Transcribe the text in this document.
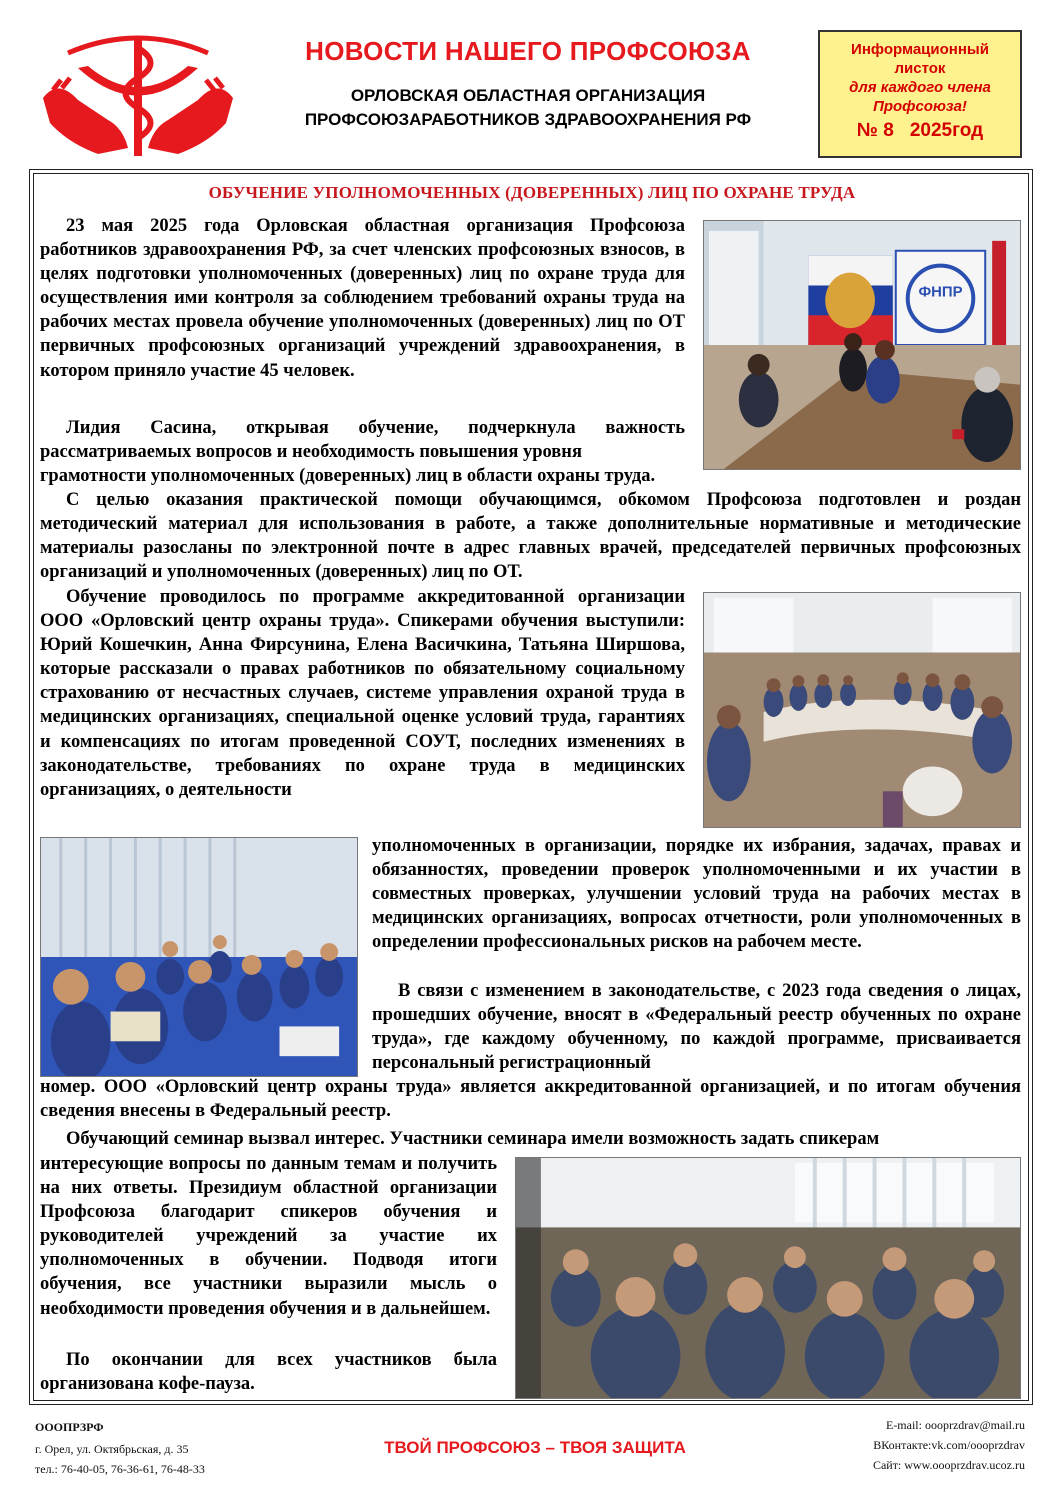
НОВОСТИ НАШЕГО ПРОФСОЮЗА
ОРЛОВСКАЯ ОБЛАСТНАЯ ОРГАНИЗАЦИЯ
ПРОФСОЮЗАРАБОТНИКОВ ЗДРАВООХРАНЕНИЯ РФ
Информационный
листок
для каждого члена
Профсоюза!
№ 8 2025год
ОБУЧЕНИЕ УПОЛНОМОЧЕННЫХ (ДОВЕРЕННЫХ) ЛИЦ ПО ОХРАНЕ ТРУДА
ФНПР
23 мая 2025 года Орловская областная организация Профсоюза работников здравоохранения РФ, за счет членских профсоюзных взносов, в целях подготовки уполномоченных (доверенных) лиц по охране труда для осуществления ими контроля за соблюдением требований охраны труда на рабочих местах провела обучение уполномоченных (доверенных) лиц по ОТ первичных профсоюзных организаций учреждений здравоохранения, в котором приняло участие 45 человек.
Лидия Сасина, открывая обучение, подчеркнула важность рассматриваемых вопросов и необходимость повышения уровня
грамотности уполномоченных (доверенных) лиц в области охраны труда.
С целью оказания практической помощи обучающимся, обкомом Профсоюза подготовлен и роздан методический материал для использования в работе, а также дополнительные нормативные и методические материалы разосланы по электронной почте в адрес главных врачей, председателей первичных профсоюзных организаций и уполномоченных (доверенных) лиц по ОТ.
Обучение проводилось по программе аккредитованной организации ООО «Орловский центр охраны труда». Спикерами обучения выступили: Юрий Кошечкин, Анна Фирсунина, Елена Васичкина, Татьяна Ширшова, которые рассказали о правах работников по обязательному социальному страхованию от несчастных случаев, системе управления охраной труда в медицинских организациях, специальной оценке условий труда, гарантиях и компенсациях по итогам проведенной СОУТ, последних изменениях в законодательстве, требованиях по охране труда в медицинских организациях, о деятельности
уполномоченных в организации, порядке их избрания, задачах, правах и обязанностях, проведении проверок уполномоченными и их участии в совместных проверках, улучшении условий труда на рабочих местах в медицинских организациях, вопросах отчетности, роли уполномоченных в определении профессиональных рисков на рабочем месте.
В связи с изменением в законодательстве, с 2023 года сведения о лицах, прошедших обучение, вносят в «Федеральный реестр обученных по охране труда», где каждому обученному, по каждой программе, присваивается персональный регистрационный
номер. ООО «Орловский центр охраны труда» является аккредитованной организацией, и по итогам обучения сведения внесены в Федеральный реестр.
Обучающий семинар вызвал интерес. Участники семинара имели возможность задать спикерам
интересующие вопросы по данным темам и получить на них ответы. Президиум областной организации Профсоюза благодарит спикеров обучения и руководителей учреждений за участие их уполномоченных в обучении. Подводя итоги обучения, все участники выразили мысль о необходимости проведения обучения и в дальнейшем.
По окончании для всех участников была организована кофе-пауза.
ОООПРЗРФ
г. Орел, ул. Октябрьская, д. 35
тел.: 76-40-05, 76-36-61, 76-48-33
ТВОЙ ПРОФСОЮЗ – ТВОЯ ЗАЩИТА
E-mail: oooprzdrav@mail.ru
ВКонтакте:vk.com/oooprzdrav
Сайт: www.oooprzdrav.ucoz.ru
